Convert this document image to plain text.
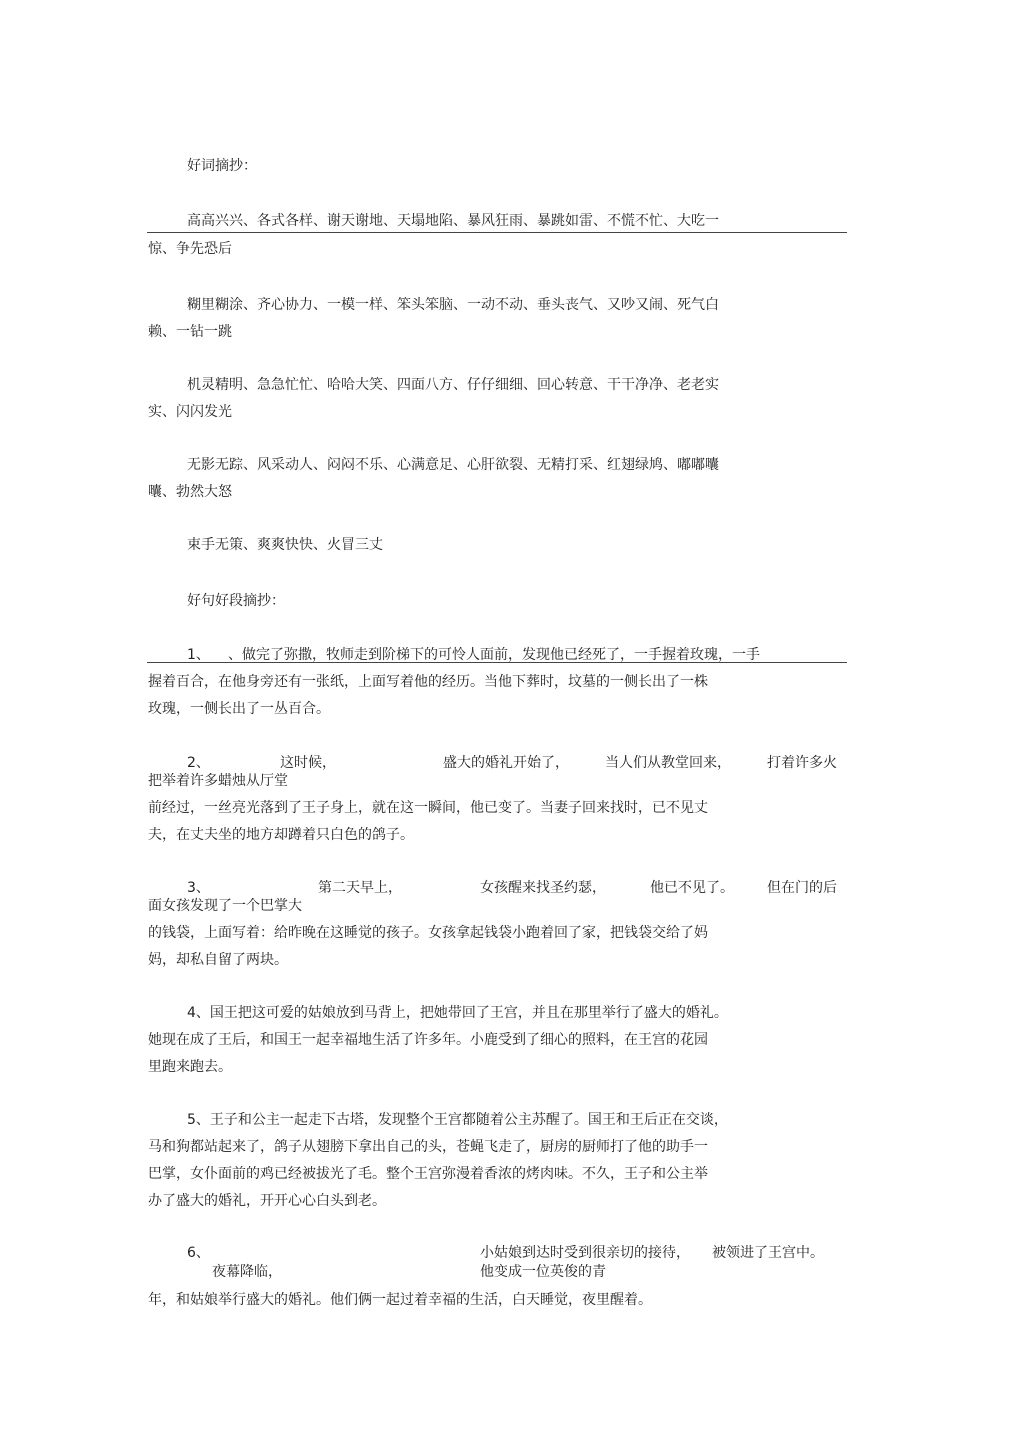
好词摘抄：
高高兴兴、各式各样、谢天谢地、天塌地陷、暴风狂雨、暴跳如雷、不慌不忙、大吃一
惊、争先恐后
糊里糊涂、齐心协力、一模一样、笨头笨脑、一动不动、垂头丧气、又吵又闹、死气白
赖、一钻一跳
机灵精明、急急忙忙、哈哈大笑、四面八方、仔仔细细、回心转意、干干净净、老老实
实、闪闪发光
无影无踪、风采动人、闷闷不乐、心满意足、心肝欲裂、无精打采、红翅绿鸠、嘟嘟囔
囔、勃然大怒
束手无策、爽爽快快、火冒三丈
好句好段摘抄：
1、 、做完了弥撒，牧师走到阶梯下的可怜人面前，发现他已经死了，一手握着玫瑰，一手
握着百合，在他身旁还有一张纸，上面写着他的经历。当他下葬时，坟墓的一侧长出了一株
玫瑰，一侧长出了一丛百合。
2、	这时候，	盛大的婚礼开始了，	当人们从教堂回来，	打着许多火
把举着许多蜡烛从厅堂
前经过，一丝亮光落到了王子身上，就在这一瞬间，他已变了。当妻子回来找时，已不见丈
夫，在丈夫坐的地方却蹲着只白色的鸽子。
3、	第二天早上，	女孩醒来找圣约瑟，	他已不见了。 但在门的后
面女孩发现了一个巴掌大
的钱袋，上面写着：给昨晚在这睡觉的孩子。女孩拿起钱袋小跑着回了家，把钱袋交给了妈
妈，却私自留了两块。
4、国王把这可爱的姑娘放到马背上，把她带回了王宫，并且在那里举行了盛大的婚礼。
她现在成了王后，和国王一起幸福地生活了许多年。小鹿受到了细心的照料，在王宫的花园
里跑来跑去。
5、王子和公主一起走下古塔，发现整个王宫都随着公主苏醒了。国王和王后正在交谈，
马和狗都站起来了，鸽子从翅膀下拿出自己的头，苍蝇飞走了，厨房的厨师打了他的助手一
巴掌，女仆面前的鸡已经被拔光了毛。整个王宫弥漫着香浓的烤肉味。不久，王子和公主举
办了盛大的婚礼，开开心心白头到老。
6、	小姑娘到达时受到很亲切的接待， 被领进了王宫中。
夜幕降临，	他变成一位英俊的青
年，和姑娘举行盛大的婚礼。他们俩一起过着幸福的生活，白天睡觉，夜里醒着。
